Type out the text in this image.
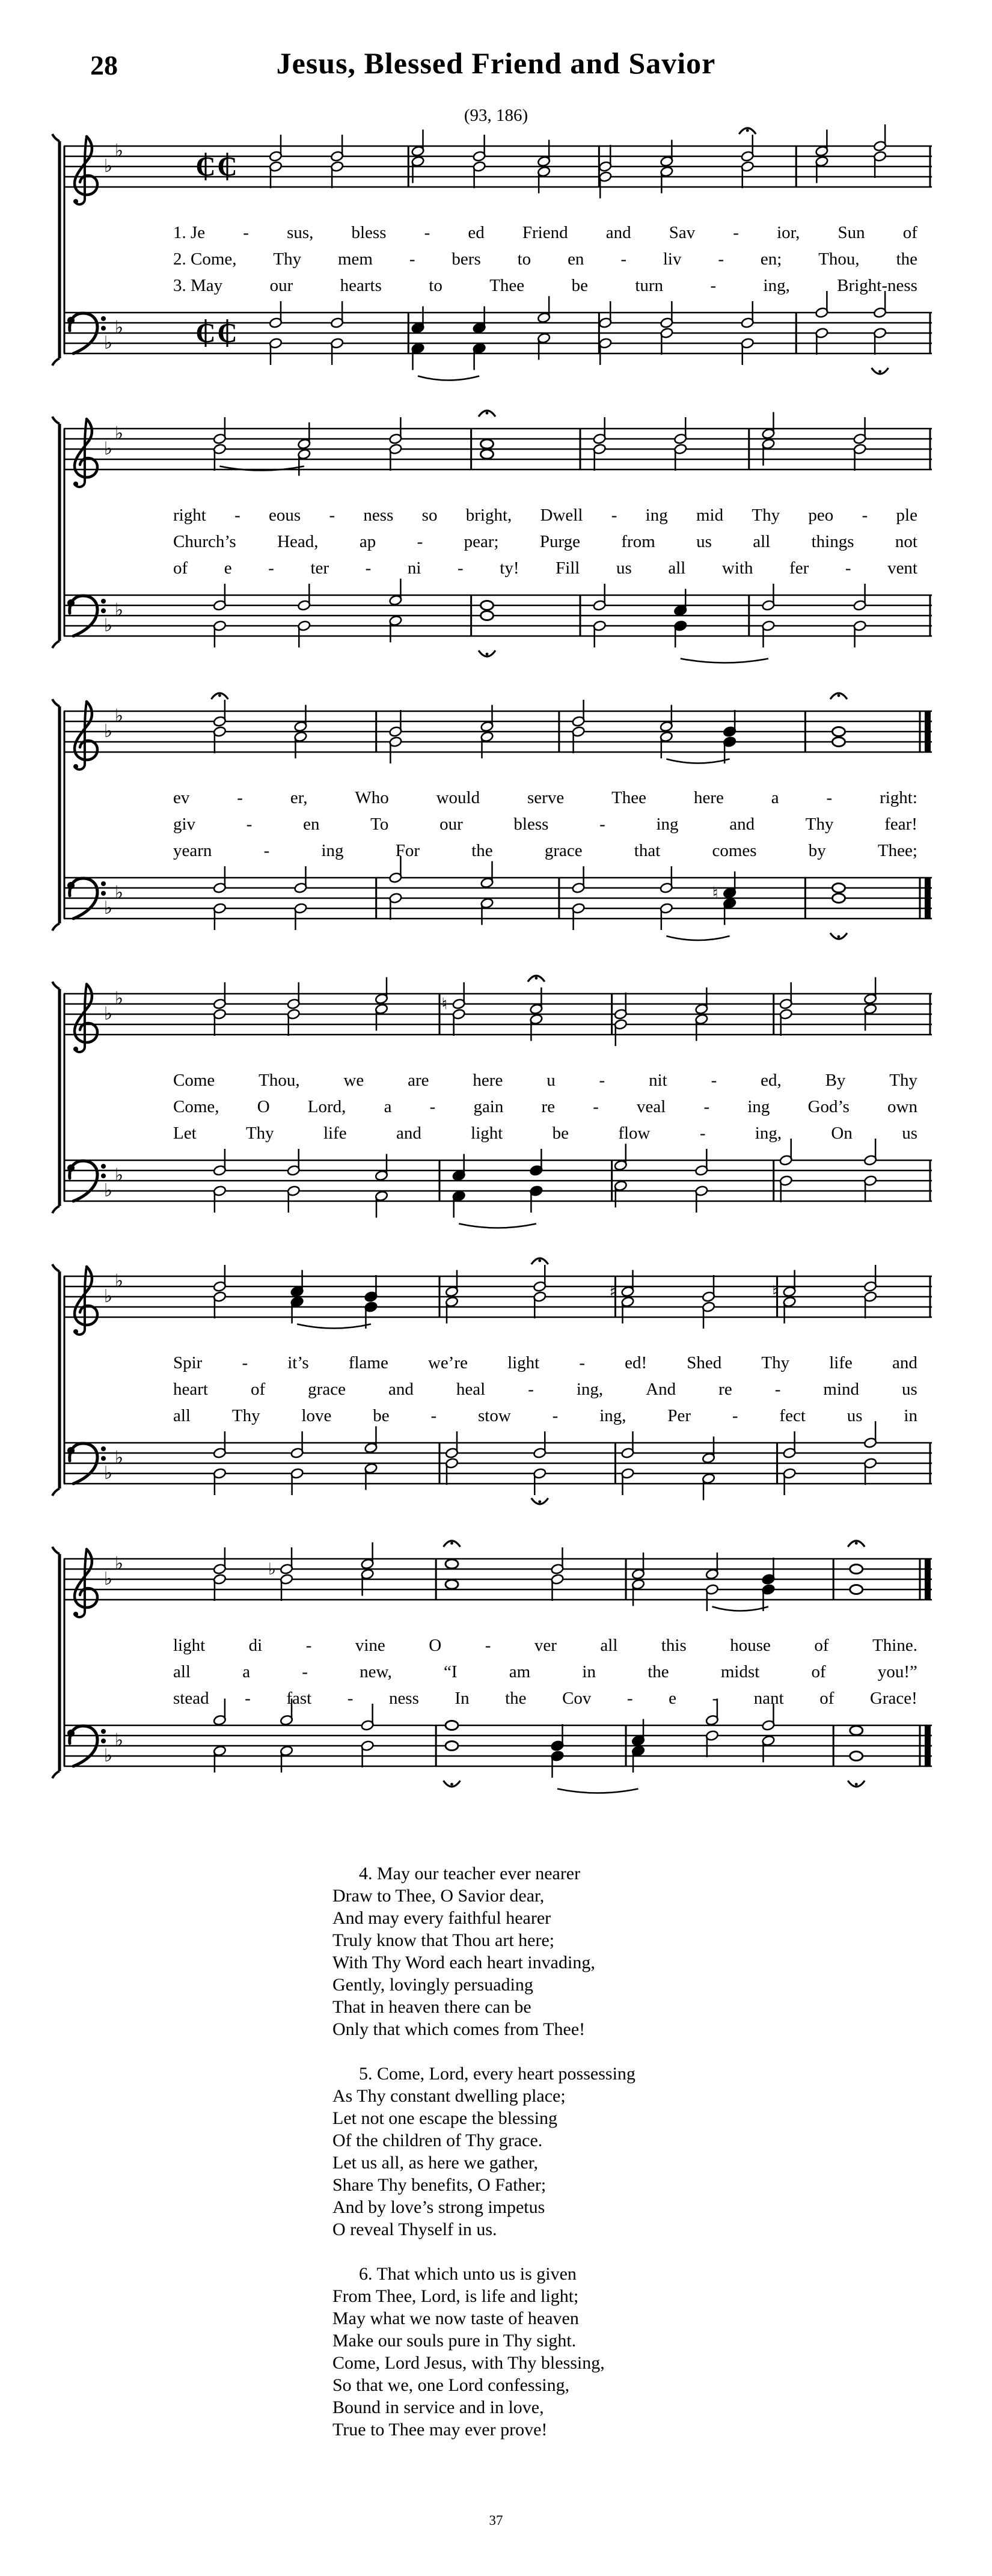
28	Jesus, Blessed Friend and Savior
(93, 186)
♭
♭	C C
♭
♭	C C
1. Je - sus, bless - ed Friend and Sav - ior, Sun of
2. Come, Thy mem - bers to en - liv - en; Thou, the
3. May	our	hearts	to	Thee	be	turn	-	ing,	Bright-ness
♭
♭
♭
♭
right - eous - ness so bright, Dwell - ing mid Thy peo - ple
Church’s Head, ap - pear; Purge from us all things not
of e - ter - ni - ty! Fill us all with fer - vent
♭
♭
♭
♭	♮
ev	-	er,	Who	would	serve	Thee	here	a	-	right:
giv	-	en	To	our	bless	-	ing	and	Thy	fear!
yearn	-	ing	For	the	grace	that	comes	by	Thee;
♭
♭	♮
♭
♭
Come	Thou,	we	are	here	u	-	nit	-	ed,	By	Thy
Come, O Lord, a - gain re - veal - ing God’s own
Let	Thy	life	and	light	be	flow	-	ing,	On	us
♭
♭
♯	♮
♭
♭
Spir - it’s flame we’re light - ed! Shed Thy life and
heart of grace and heal - ing, And re - mind us
all Thy love be - stow - ing, Per - fect us in
♭
♭	♭
♭
♭
light di - vine O - ver all this house of Thine.
all	a	-	new,	“I	am	in	the	midst	of	you!”
stead - fast - ness In the Cov - e - nant of Grace!

4. May our teacher ever nearer

Draw to Thee, O Savior dear,

And may every faithful hearer

Truly know that Thou art here;

With Thy Word each heart invading,

Gently, lovingly persuading

That in heaven there can be

Only that which comes from Thee!

5. Come, Lord, every heart possessing

As Thy constant dwelling place;

Let not one escape the blessing

Of the children of Thy grace.

Let us all, as here we gather,

Share Thy benefits, O Father;

And by love’s strong impetus

O reveal Thyself in us.

6. That which unto us is given

From Thee, Lord, is life and light;

May what we now taste of heaven

Make our souls pure in Thy sight.

Come, Lord Jesus, with Thy blessing,

So that we, one Lord confessing,

Bound in service and in love,

True to Thee may ever prove!

37
